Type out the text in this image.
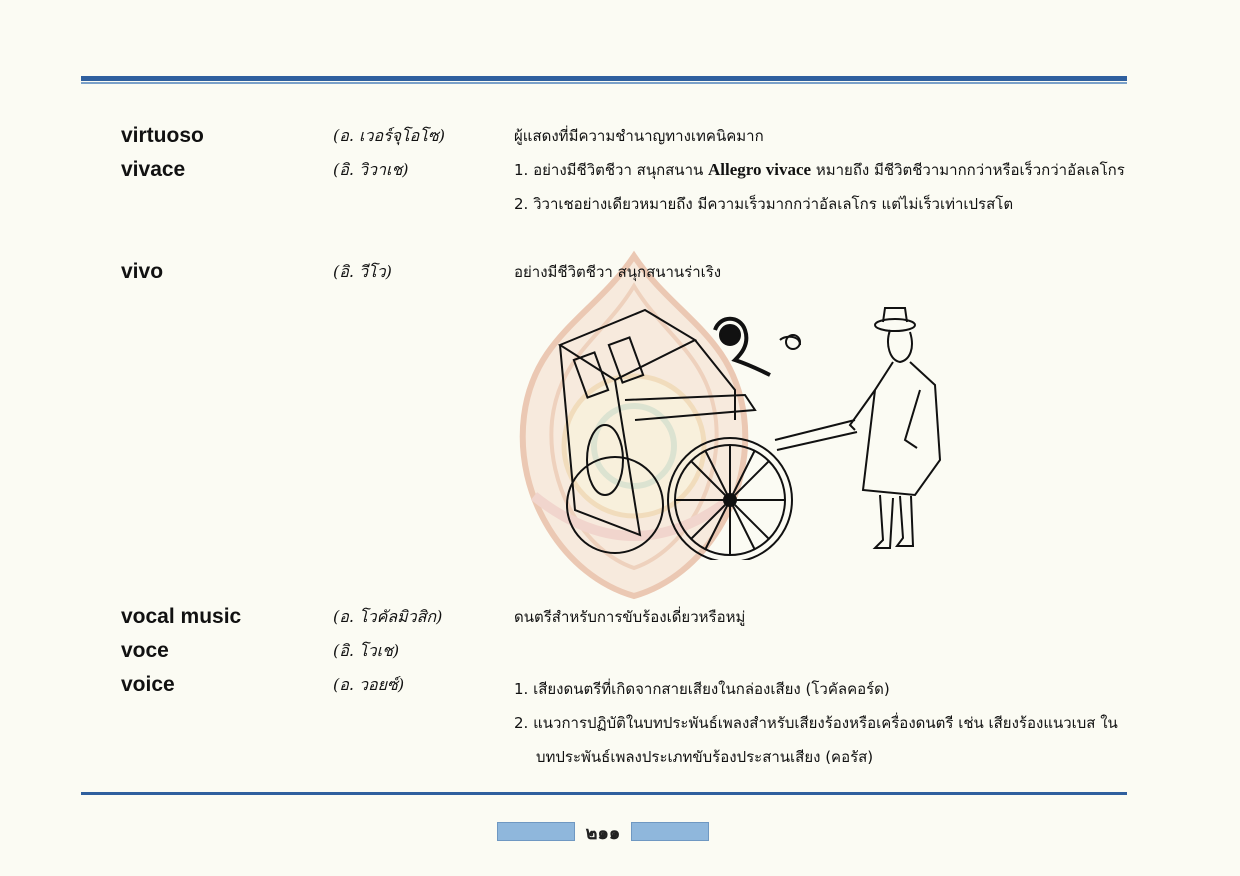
virtuoso	(อ. เวอร์จุโอโซ)	ผู้แสดงที่มีความชำนาญทางเทคนิคมาก
vivace	(อิ. วิวาเช)	1. อย่างมีชีวิตชีวา สนุกสนาน Allegro vivace หมายถึง มีชีวิตชีวามากกว่าหรือเร็วกว่าอัลเลโกร
2. วิวาเชอย่างเดียวหมายถึง มีความเร็วมากกว่าอัลเลโกร แต่ไม่เร็วเท่าเปรสโต
vivo	(อิ. วีโว)	อย่างมีชีวิตชีวา สนุกสนานร่าเริง
vocal music	(อ. โวคัลมิวสิก)	ดนตรีสำหรับการขับร้องเดี่ยวหรือหมู่
voce	(อิ. โวเช)
voice	(อ. วอยซ์)	1. เสียงดนตรีที่เกิดจากสายเสียงในกล่องเสียง (โวคัลคอร์ด)
2. แนวการปฏิบัติในบทประพันธ์เพลงสำหรับเสียงร้องหรือเครื่องดนตรี เช่น เสียงร้องแนวเบส ในบทประพันธ์เพลงประเภทขับร้องประสานเสียง (คอรัส)
๒๑๑
